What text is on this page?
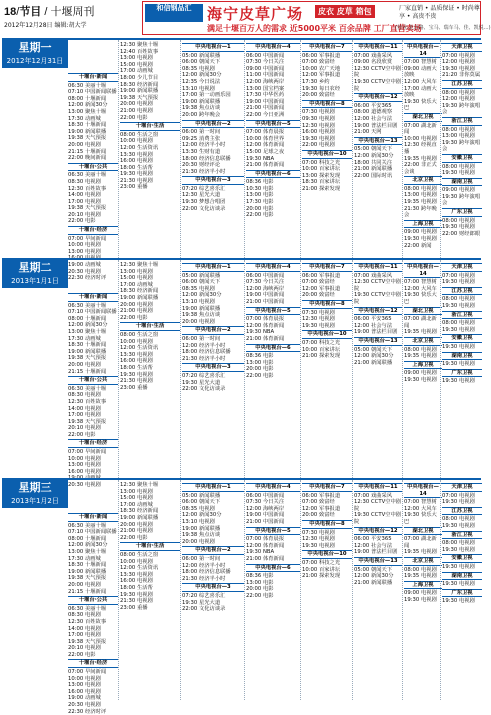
18/节目 / 十堰周刊
2012年12月28日 编辑:胡大学
和信钢品汇	海宁皮草广场	皮衣 皮草 箱包	厂家直销 • 品质保证 • 时尚尊享 • 高贵不贵
满足十堰百万人的需求 近5000平米 百余品牌 工厂直营卖场
(营业:北京路、宝马、瑞车马、佳、凯悦…)
星期一
2012年12月31日
十堰台·新闻
06:30 美丽十堰
07:10 中国新闻联播
08:00 十堰新闻
12:00 新闻30分
13:00 聚焦十堰
17:30 动画城
18:30 十堰新闻
19:00 新闻联播
19:38 天气预报
20:00 电视剧
21:15 十堰新闻
22:00 晚间新闻
十堰台·公共
06:30 美丽十堰
08:30 电视剧
12:30 百姓故事
14:00 电视剧
17:00 电视剧
19:38 天气预报
20:10 电视剧
22:00 电影
十堰台·经济
07:00 早间新闻
10:00 电视剧
13:00 电视剧
16:00 电视剧
19:00 动画城
20:30 电视剧
22:30 经济时评
12:30 聚焦十堰
12:40 百姓故事
13:00 电视剧
15:00 电视剧
17:00 动画城
18:00 少儿节目
18:30 经济新闻
19:00 新闻联播
19:38 天气预报
20:00 电视剧
21:00 电视剧
22:00 电影
十堰台·生活
08:00 生活之窗
10:00 电视剧
12:00 生活资讯
13:30 电视剧
16:00 电视剧
18:00 生活帮
19:30 电视剧
21:30 电视剧
23:00 重播
中央电视台—1
05:00 新闻联播
06:00 朝闻天下
08:35 电视剧
12:00 新闻30分
12:35 今日说法
13:10 电视剧
17:00 第一动画乐园
19:00 新闻联播
19:38 焦点访谈
20:00 跨年晚会
中央电视台—2
06:00 第一时间
09:25 消费主张
12:00 经济半小时
13:30 生财有道
18:00 经济信息联播
20:30 财经评论
21:30 经济半小时
中央电视台—3
07:20 综艺喜乐汇
12:30 星光大道
19:30 梦想合唱团
22:00 文化访谈录
中央电视台—4
06:00 中国新闻
07:30 今日关注
09:00 中国新闻
11:00 中国新闻
12:00 海峡两岸
13:00 国宝档案
17:30 中华医药
19:00 中国新闻
21:00 中国新闻
22:00 今日亚洲
中央电视台—5
07:00 体育晨报
10:00 体育世界
12:00 体育新闻
15:00 足球之夜
19:30 NBA
21:00 体育新闻
中央电视台—6
08:36 电影
10:30 电影
13:00 电影
17:30 电影
20:00 电影
22:00 电影
中央电视台—7
06:00 军事报道
07:00 致富经
10:00 农广天地
12:00 军事报道
17:30 乡约
19:30 每日农经
20:00 致富经
中央电视台—8
07:30 电视剧
09:30 电视剧
12:30 电视剧
16:00 电视剧
19:30 电视剧
22:00 电视剧
中央电视台—10
07:00 科技之光
10:00 百家讲坛
13:00 探索发现
18:30 百家讲坛
21:00 探索发现
中央电视台—11
07:00 戏曲采风
09:00 名段欣赏
12:30 CCTV空中剧院
19:30 CCTV空中剧院
中央电视台—12
06:00 平安365
08:00 道德观察
12:00 社会与法
19:00 普法栏目剧
21:00 天网
中央电视台—13
05:00 朝闻天下
12:00 新闻30分
18:00 共同关注
21:00 新闻联播
22:00 国际时讯
中央电视台—14
07:00 智慧树
09:00 动画大放映
12:00 大风车
17:00 动画大放映
19:30 快乐大巴
湖北卫视
07:00 湖北新闻
10:00 电视剧
12:30 经视直播
19:35 电视剧
22:00 非正式会谈
北京卫视
08:00 电视剧
13:00 电视剧
19:35 电视剧
21:30 跨年晚会
上海卫视
09:00 电视剧
19:30 电视剧
22:00 新闻
天津卫视
07:00 电视剧
12:00 电视剧
19:30 电视剧
21:20 非你莫属
江苏卫视
08:00 电视剧
12:00 电视剧
19:30 跨年演唱会
浙江卫视
08:00 电视剧
13:00 电视剧
19:30 跨年演唱会
安徽卫视
08:00 电视剧
19:30 电视剧
湖南卫视
09:00 电视剧
19:30 跨年演唱会
广东卫视
08:00 电视剧
19:30 电视剧
22:00 财经郎眼
星期二
2013年1月1日
十堰台·新闻
06:30 美丽十堰
07:10 中国新闻联播
08:00 十堰新闻
12:00 新闻30分
13:00 聚焦十堰
17:30 动画城
18:30 十堰新闻
19:00 新闻联播
19:38 天气预报
20:00 电视剧
21:15 十堰新闻
十堰台·公共
06:30 美丽十堰
08:30 电视剧
12:30 百姓故事
14:00 电视剧
17:00 电视剧
19:38 天气预报
20:10 电视剧
22:00 电影
十堰台·经济
07:00 早间新闻
10:00 电视剧
13:00 电视剧
16:00 电视剧
19:00 动画城
20:30 电视剧
12:30 聚焦十堰
13:00 电视剧
15:00 电视剧
17:00 动画城
18:30 经济新闻
19:00 新闻联播
20:00 电视剧
21:00 电视剧
22:00 电影
十堰台·生活
08:00 生活之窗
10:00 电视剧
12:00 生活资讯
13:30 电视剧
16:00 电视剧
18:00 生活帮
19:30 电视剧
21:30 电视剧
23:00 重播
中央电视台—1
05:00 新闻联播
06:00 朝闻天下
08:35 电视剧
12:00 新闻30分
13:10 电视剧
19:00 新闻联播
19:38 焦点访谈
20:00 电视剧
中央电视台—2
06:00 第一时间
12:00 经济半小时
18:00 经济信息联播
21:30 经济半小时
中央电视台—3
07:20 综艺喜乐汇
19:30 星光大道
22:00 文化访谈录
中央电视台—4
06:00 中国新闻
07:30 今日关注
12:00 海峡两岸
19:00 中国新闻
21:00 中国新闻
中央电视台—5
07:00 体育晨报
12:00 体育新闻
19:30 NBA
21:00 体育新闻
中央电视台—6
08:36 电影
13:00 电影
20:00 电影
22:00 电影
中央电视台—7
06:00 军事报道
07:00 致富经
12:00 军事报道
20:00 致富经
中央电视台—8
07:30 电视剧
12:30 电视剧
19:30 电视剧
中央电视台—10
07:00 科技之光
10:00 百家讲坛
21:00 探索发现
中央电视台—11
07:00 戏曲采风
12:30 CCTV空中剧院
19:30 CCTV空中剧院
中央电视台—12
06:00 平安365
12:00 社会与法
19:00 普法栏目剧
中央电视台—13
05:00 朝闻天下
12:00 新闻30分
21:00 新闻联播
中央电视台—14
07:00 智慧树
12:00 大风车
19:30 快乐大巴
湖北卫视
07:00 湖北新闻
19:35 电视剧
北京卫视
08:00 电视剧
19:35 电视剧
上海卫视
09:00 电视剧
19:30 电视剧
天津卫视
07:00 电视剧
19:30 电视剧
江苏卫视
08:00 电视剧
19:30 电视剧
浙江卫视
08:00 电视剧
19:30 电视剧
安徽卫视
19:30 电视剧
湖南卫视
19:30 电视剧
广东卫视
19:30 电视剧
星期三
2013年1月2日
十堰台·新闻
06:30 美丽十堰
07:10 中国新闻联播
08:00 十堰新闻
12:00 新闻30分
13:00 聚焦十堰
17:30 动画城
18:30 十堰新闻
19:00 新闻联播
19:38 天气预报
20:00 电视剧
21:15 十堰新闻
十堰台·公共
06:30 美丽十堰
08:30 电视剧
12:30 百姓故事
14:00 电视剧
17:00 电视剧
19:38 天气预报
20:10 电视剧
22:00 电影
十堰台·经济
07:00 早间新闻
10:00 电视剧
13:00 电视剧
16:00 电视剧
19:00 动画城
20:30 电视剧
22:30 经济时评
12:30 聚焦十堰
13:00 电视剧
15:00 电视剧
17:00 动画城
18:30 经济新闻
19:00 新闻联播
20:00 电视剧
21:00 电视剧
22:00 电影
十堰台·生活
08:00 生活之窗
10:00 电视剧
12:00 生活资讯
13:30 电视剧
16:00 电视剧
18:00 生活帮
19:30 电视剧
21:30 电视剧
23:00 重播
中央电视台—1
05:00 新闻联播
06:00 朝闻天下
08:35 电视剧
12:00 新闻30分
13:10 电视剧
19:00 新闻联播
19:38 焦点访谈
20:00 电视剧
中央电视台—2
06:00 第一时间
12:00 经济半小时
18:00 经济信息联播
21:30 经济半小时
中央电视台—3
07:20 综艺喜乐汇
19:30 星光大道
22:00 文化访谈录
中央电视台—4
06:00 中国新闻
07:30 今日关注
12:00 海峡两岸
19:00 中国新闻
21:00 中国新闻
中央电视台—5
07:00 体育晨报
12:00 体育新闻
19:30 NBA
21:00 体育新闻
中央电视台—6
08:36 电影
13:00 电影
20:00 电影
22:00 电影
中央电视台—7
06:00 军事报道
07:00 致富经
12:00 军事报道
20:00 致富经
中央电视台—8
07:30 电视剧
12:30 电视剧
19:30 电视剧
中央电视台—10
07:00 科技之光
10:00 百家讲坛
21:00 探索发现
中央电视台—11
07:00 戏曲采风
12:30 CCTV空中剧院
19:30 CCTV空中剧院
中央电视台—12
06:00 平安365
12:00 社会与法
19:00 普法栏目剧
中央电视台—13
05:00 朝闻天下
12:00 新闻30分
21:00 新闻联播
中央电视台—14
07:00 智慧树
12:00 大风车
19:30 快乐大巴
湖北卫视
07:00 湖北新闻
19:35 电视剧
北京卫视
08:00 电视剧
19:35 电视剧
上海卫视
09:00 电视剧
19:30 电视剧
天津卫视
07:00 电视剧
19:30 电视剧
江苏卫视
08:00 电视剧
19:30 电视剧
浙江卫视
08:00 电视剧
19:30 电视剧
安徽卫视
19:30 电视剧
湖南卫视
19:30 电视剧
广东卫视
19:30 电视剧
